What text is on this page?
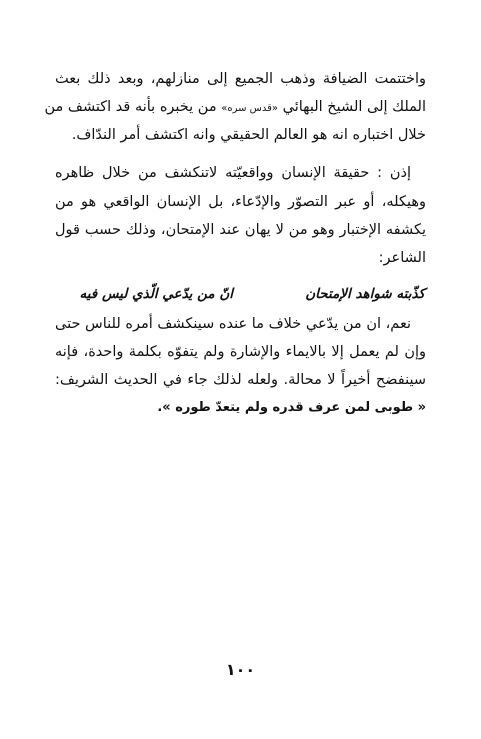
واختتمت الضيافة وذهب الجميع إلى منازلهم، وبعد ذلك بعث
الملك إلى الشيخ البهائي «قدس سره» من يخبره بأنه قد اكتشف من
خلال اختباره انه هو العالم الحقيقي وانه اكتشف أمر الندّاف.
إذن : حقيقة الإنسان وواقعيّته لاتنكشف من خلال ظاهره
وهيكله، أو عبر التصوّر والإدّعاء، بل الإنسان الواقعي هو من
يكشفه الإختبار وهو من لا يهان عند الإمتحان، وذلك حسب قول
الشاعر:
انّ من يدّعي الّذي ليس فيه	كذّبته شواهد الإمتحان
نعم، ان من يدّعي خلاف ما عنده سينكشف أمره للناس حتى
وإن لم يعمل إلا بالايماء والإشارة ولم يتفوّه بكلمة واحدة، فإنه
سينفضح أخيراً لا محالة. ولعله لذلك جاء في الحديث الشريف:
« طوبى لمن عرف قدره ولم يتعدّ طوره ».
١٠٠
